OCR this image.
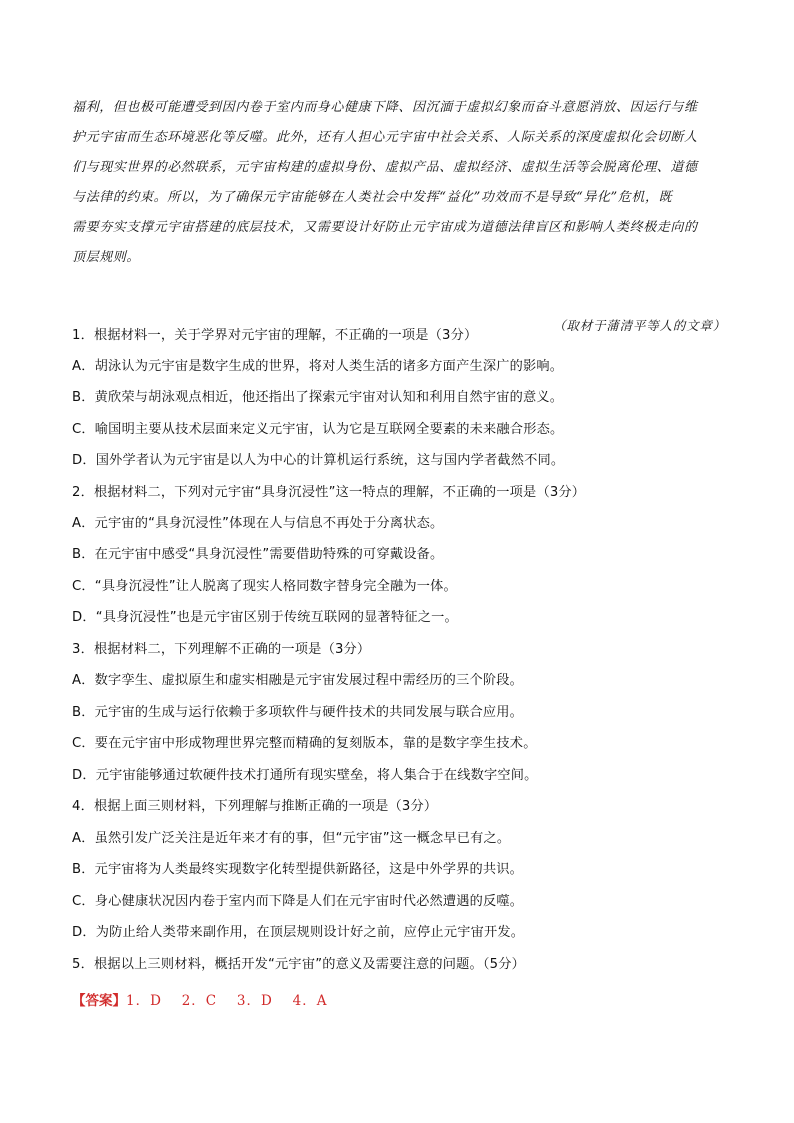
福利，但也极可能遭受到因内卷于室内而身心健康下降、因沉湎于虚拟幻象而奋斗意愿消放、因运行与维
护元宇宙而生态环境恶化等反噬。此外，还有人担心元宇宙中社会关系、人际关系的深度虚拟化会切断人
们与现实世界的必然联系，元宇宙构建的虚拟身份、虚拟产品、虚拟经济、虚拟生活等会脱离伦理、道德
与法律的约束。所以，为了确保元宇宙能够在人类社会中发挥“益化”功效而不是导致“异化”危机，既
需要夯实支撑元宇宙搭建的底层技术，又需要设计好防止元宇宙成为道德法律盲区和影响人类终极走向的
顶层规则。
（取材于蒲清平等人的文章）
1．根据材料一，关于学界对元宇宙的理解，不正确的一项是（3分）
A．胡泳认为元宇宙是数字生成的世界，将对人类生活的诸多方面产生深广的影响。
B．黄欣荣与胡泳观点相近，他还指出了探索元宇宙对认知和利用自然宇宙的意义。
C．喻国明主要从技术层面来定义元宇宙，认为它是互联网全要素的未来融合形态。
D．国外学者认为元宇宙是以人为中心的计算机运行系统，这与国内学者截然不同。
2．根据材料二，下列对元宇宙“具身沉浸性”这一特点的理解，不正确的一项是（3分）
A．元宇宙的“具身沉浸性”体现在人与信息不再处于分离状态。
B．在元宇宙中感受“具身沉浸性”需要借助特殊的可穿戴设备。
C．“具身沉浸性”让人脱离了现实人格同数字替身完全融为一体。
D．“具身沉浸性”也是元宇宙区别于传统互联网的显著特征之一。
3．根据材料二，下列理解不正确的一项是（3分）
A．数字孪生、虚拟原生和虚实相融是元宇宙发展过程中需经历的三个阶段。
B．元宇宙的生成与运行依赖于多项软件与硬件技术的共同发展与联合应用。
C．要在元宇宙中形成物理世界完整而精确的复刻版本，靠的是数字孪生技术。
D．元宇宙能够通过软硬件技术打通所有现实壁垒，将人集合于在线数字空间。
4．根据上面三则材料，下列理解与推断正确的一项是（3分）
A．虽然引发广泛关注是近年来才有的事，但“元宇宙”这一概念早已有之。
B．元宇宙将为人类最终实现数字化转型提供新路径，这是中外学界的共识。
C．身心健康状况因内卷于室内而下降是人们在元宇宙时代必然遭遇的反噬。
D．为防止给人类带来副作用，在顶层规则设计好之前，应停止元宇宙开发。
5．根据以上三则材料，概括开发“元宇宙”的意义及需要注意的问题。（5分）
【答案】1．D　 2．C　 3．D　 4．A
